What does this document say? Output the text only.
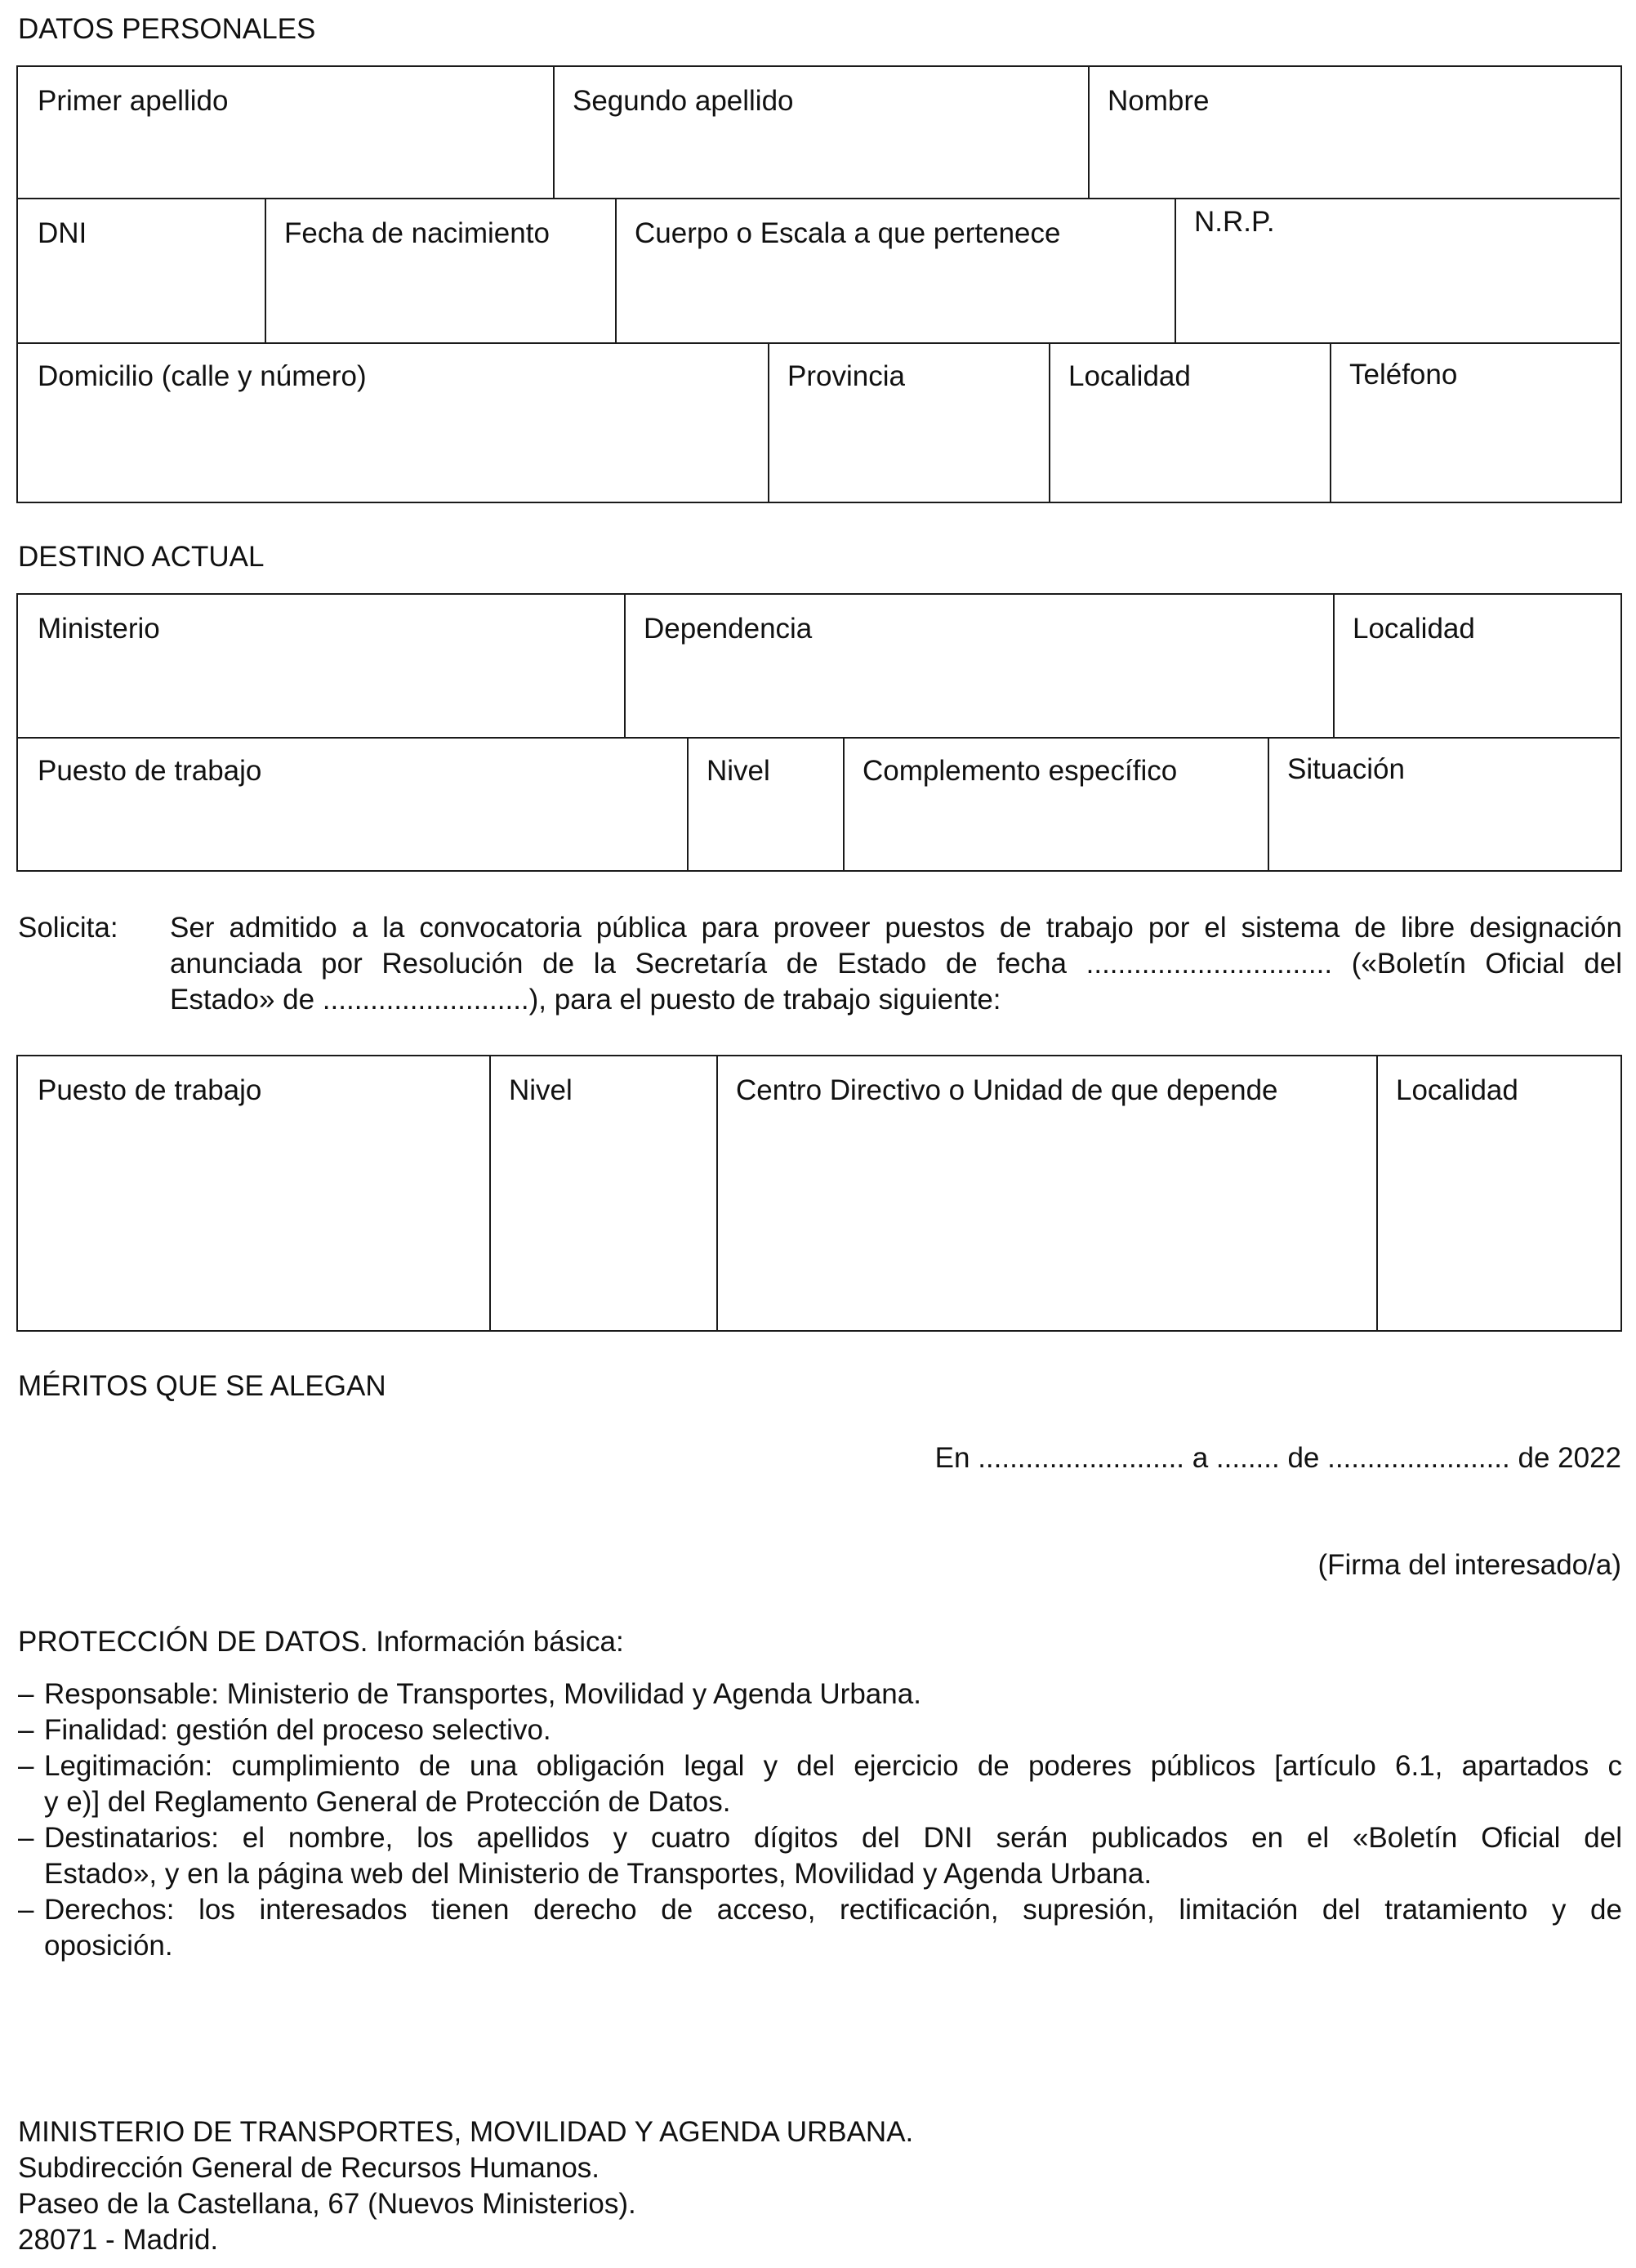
DATOS PERSONALES
Primer apellido	Segundo apellido	Nombre
DNI	Fecha de nacimiento	Cuerpo o Escala a que pertenece	N.R.P.
Domicilio (calle y número)	Provincia	Localidad	Teléfono
DESTINO ACTUAL
Ministerio	Dependencia	Localidad
Puesto de trabajo	Nivel	Complemento específico	Situación
Solicita: Ser admitido a la convocatoria pública para proveer puestos de trabajo por el sistema de libre designación
anunciada por Resolución de la Secretaría de Estado de fecha ............................... («Boletín Oficial del
Estado» de ..........................), para el puesto de trabajo siguiente:
Puesto de trabajo	Nivel	Centro Directivo o Unidad de que depende	Localidad
MÉRITOS QUE SE ALEGAN
En .......................... a ........ de ....................... de 2022
(Firma del interesado/a)
PROTECCIÓN DE DATOS. Información básica:
– Responsable: Ministerio de Transportes, Movilidad y Agenda Urbana.
– Finalidad: gestión del proceso selectivo.
– Legitimación: cumplimiento de una obligación legal y del ejercicio de poderes públicos [artículo 6.1, apartados c
y e)] del Reglamento General de Protección de Datos.
– Destinatarios: el nombre, los apellidos y cuatro dígitos del DNI serán publicados en el «Boletín Oficial del
Estado», y en la página web del Ministerio de Transportes, Movilidad y Agenda Urbana.
– Derechos: los interesados tienen derecho de acceso, rectificación, supresión, limitación del tratamiento y de
oposición.
MINISTERIO DE TRANSPORTES, MOVILIDAD Y AGENDA URBANA.
Subdirección General de Recursos Humanos.
Paseo de la Castellana, 67 (Nuevos Ministerios).
28071 - Madrid.
